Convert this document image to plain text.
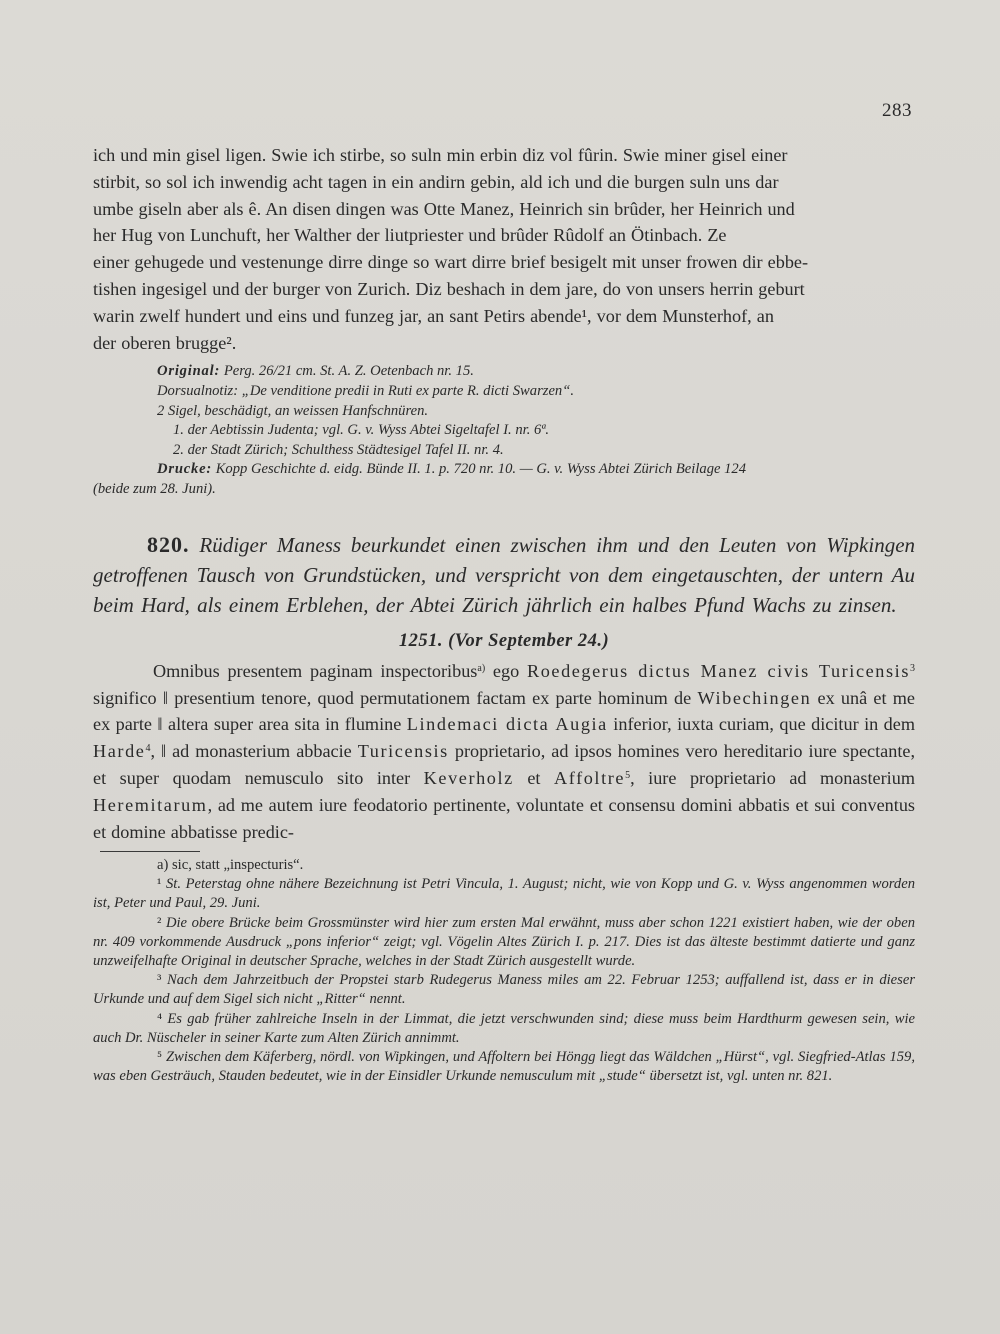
283

ich und min gisel ligen. Swie ich stirbe, so suln min erbin diz vol fûrin. Swie miner gisel einer

stirbit, so sol ich inwendig acht tagen in ein andirn gebin, ald ich und die burgen suln uns dar

umbe giseln aber als ê. An disen dingen was Otte Manez, Heinrich sin brûder, her Heinrich und

her Hug von Lunchuft, her Walther der liutpriester und brûder Rûdolf an Ötinbach. Ze

einer gehugede und vestenunge dirre dinge so wart dirre brief besigelt mit unser frowen dir ebbe-

tishen ingesigel und der burger von Zurich. Diz beshach in dem jare, do von unsers herrin geburt

warin zwelf hundert und eins und funzeg jar, an sant Petirs abende¹, vor dem Munsterhof, an

der oberen brugge².

Original: Perg. 26/21 cm. St. A. Z. Oetenbach nr. 15.

Dorsualnotiz: „De venditione predii in Ruti ex parte R. dicti Swarzen“.

2 Sigel, beschädigt, an weissen Hanfschnüren.

1. der Aebtissin Judenta; vgl. G. v. Wyss Abtei Sigeltafel I. nr. 6ª.

2. der Stadt Zürich; Schulthess Städtesigel Tafel II. nr. 4.

Drucke: Kopp Geschichte d. eidg. Bünde II. 1. p. 720 nr. 10. — G. v. Wyss Abtei Zürich Beilage 124

(beide zum 28. Juni).

820. Rüdiger Maness beurkundet einen zwischen ihm und den Leuten von Wipkingen getroffenen Tausch von Grundstücken, und verspricht von dem eingetauschten, der untern Au beim Hard, als einem Erblehen, der Abtei Zürich jährlich ein halbes Pfund Wachs zu zinsen.

1251. (Vor September 24.)

Omnibus presentem paginam inspectoribus$^{a)}$ ego Roedegerus dictus Manez civis Turicensis$^3$ significo ‖ presentium tenore, quod permutationem factam ex parte hominum de Wibechingen ex unâ et me ex parte ‖ altera super area sita in flumine Lindemaci dicta Augia inferior, iuxta curiam, que dicitur in dem Harde$^4$, ‖ ad monasterium abbacie Turicensis proprietario, ad ipsos homines vero hereditario iure spectante, et super quodam nemusculo sito inter Keverholz et Affoltre$^5$, iure proprietario ad monasterium Heremitarum, ad me autem iure feodatorio pertinente, voluntate et consensu domini abbatis et sui conventus et domine abbatisse predic-

a) sic, statt „inspecturis“.

¹ St. Peterstag ohne nähere Bezeichnung ist Petri Vincula, 1. August; nicht, wie von Kopp und G. v. Wyss angenommen worden ist, Peter und Paul, 29. Juni.

² Die obere Brücke beim Grossmünster wird hier zum ersten Mal erwähnt, muss aber schon 1221 existiert haben, wie der oben nr. 409 vorkommende Ausdruck „pons inferior“ zeigt; vgl. Vögelin Altes Zürich I. p. 217. Dies ist das älteste bestimmt datierte und ganz unzweifelhafte Original in deutscher Sprache, welches in der Stadt Zürich ausgestellt wurde.

³ Nach dem Jahrzeitbuch der Propstei starb Rudegerus Maness miles am 22. Februar 1253; auffallend ist, dass er in dieser Urkunde und auf dem Sigel sich nicht „Ritter“ nennt.

⁴ Es gab früher zahlreiche Inseln in der Limmat, die jetzt verschwunden sind; diese muss beim Hardthurm gewesen sein, wie auch Dr. Nüscheler in seiner Karte zum Alten Zürich annimmt.

⁵ Zwischen dem Käferberg, nördl. von Wipkingen, und Affoltern bei Höngg liegt das Wäldchen „Hürst“, vgl. Siegfried-Atlas 159, was eben Gesträuch, Stauden bedeutet, wie in der Einsidler Urkunde nemusculum mit „stude“ übersetzt ist, vgl. unten nr. 821.
